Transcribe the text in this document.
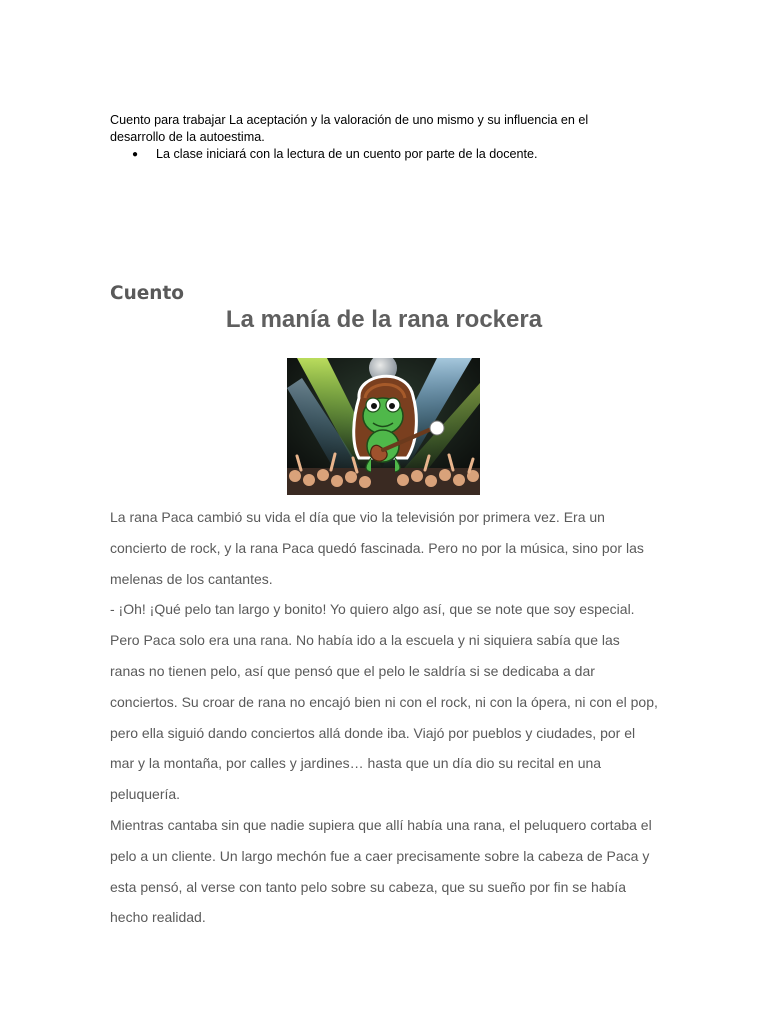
Cuento para trabajar La aceptación y la valoración de uno mismo y su influencia en el desarrollo de la autoestima.

● La clase iniciará con la lectura de un cuento por parte de la docente.
Cuento
La manía de la rana rockera

La rana Paca cambió su vida el día que vio la televisión por primera vez. Era un concierto de rock, y la rana Paca quedó fascinada. Pero no por la música, sino por las melenas de los cantantes.

- ¡Oh! ¡Qué pelo tan largo y bonito! Yo quiero algo así, que se note que soy especial.

Pero Paca solo era una rana. No había ido a la escuela y ni siquiera sabía que las ranas no tienen pelo, así que pensó que el pelo le saldría si se dedicaba a dar conciertos. Su croar de rana no encajó bien ni con el rock, ni con la ópera, ni con el pop, pero ella siguió dando conciertos allá donde iba. Viajó por pueblos y ciudades, por el mar y la montaña, por calles y jardines… hasta que un día dio su recital en una peluquería.

Mientras cantaba sin que nadie supiera que allí había una rana, el peluquero cortaba el pelo a un cliente. Un largo mechón fue a caer precisamente sobre la cabeza de Paca y esta pensó, al verse con tanto pelo sobre su cabeza, que su sueño por fin se había hecho realidad.
